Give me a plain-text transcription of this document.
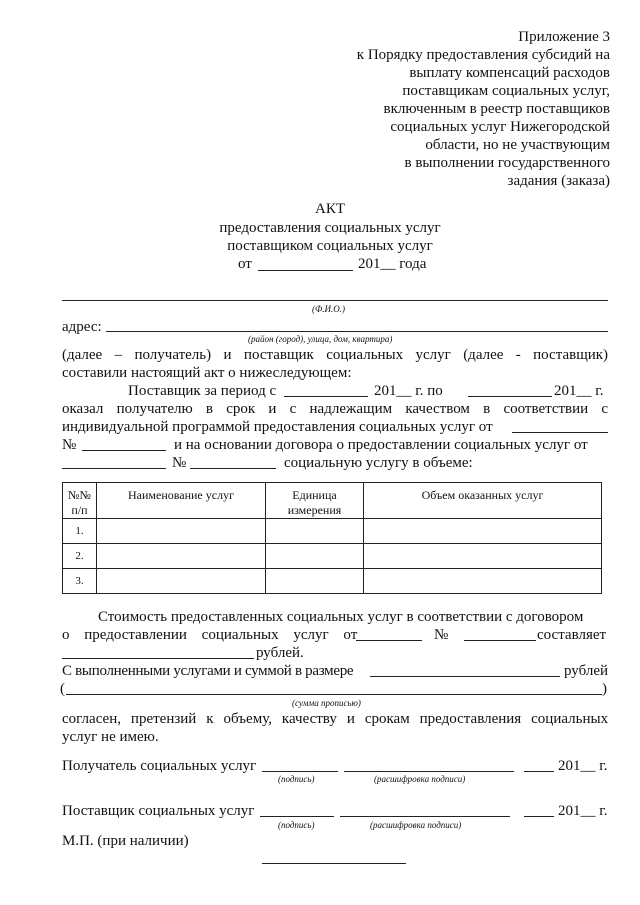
Приложение 3
к Порядку предоставления субсидий на
выплату компенсаций расходов
поставщикам социальных услуг,
включенным в реестр поставщиков
социальных услуг Нижегородской
области, но не участвующим
в выполнении государственного
задания (заказа)
АКТ
предоставления социальных услуг
поставщиком социальных услуг
от	201__ года
(Ф.И.О.)
адрес:
(район (город), улица, дом, квартира)
(далее – получатель) и поставщик социальных услуг (далее - поставщик)
составили настоящий акт о нижеследующем:
Поставщик за период с	201__ г. по	201__ г.
оказал получателю в срок и с надлежащим качеством в соответствии с
индивидуальной программой предоставления социальных услуг от
№	и на основании договора о предоставлении социальных услуг от
№	социальную услугу в объеме:
№№ п/п	Наименование услуг	Единица измерения	Объем оказанных услуг
1.			
2.			
3.			
Стоимость предоставленных социальных услуг в соответствии с договором
о предоставлении социальных услуг от	№	составляет
рублей.
С выполненными услугами и суммой в размере	рублей
(	)
(сумма прописью)
согласен, претензий к объему, качеству и срокам предоставления социальных
услуг не имею.
Получатель социальных услуг	201__ г.
(подпись)	(расшифровка подписи)
Поставщик социальных услуг	201__ г.
(подпись)	(расшифровка подписи)
М.П. (при наличии)
